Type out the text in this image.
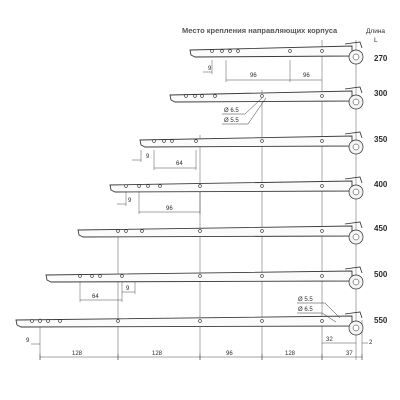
Место крепления направляющих корпуса	Длина
L
270
9
96	96
300
Ø 6.5
Ø 5.5
350
9
64
400
9
96
450
500
64
9
550
Ø 5.5
Ø 6.5
9
128	128	96	128
32
37
2
